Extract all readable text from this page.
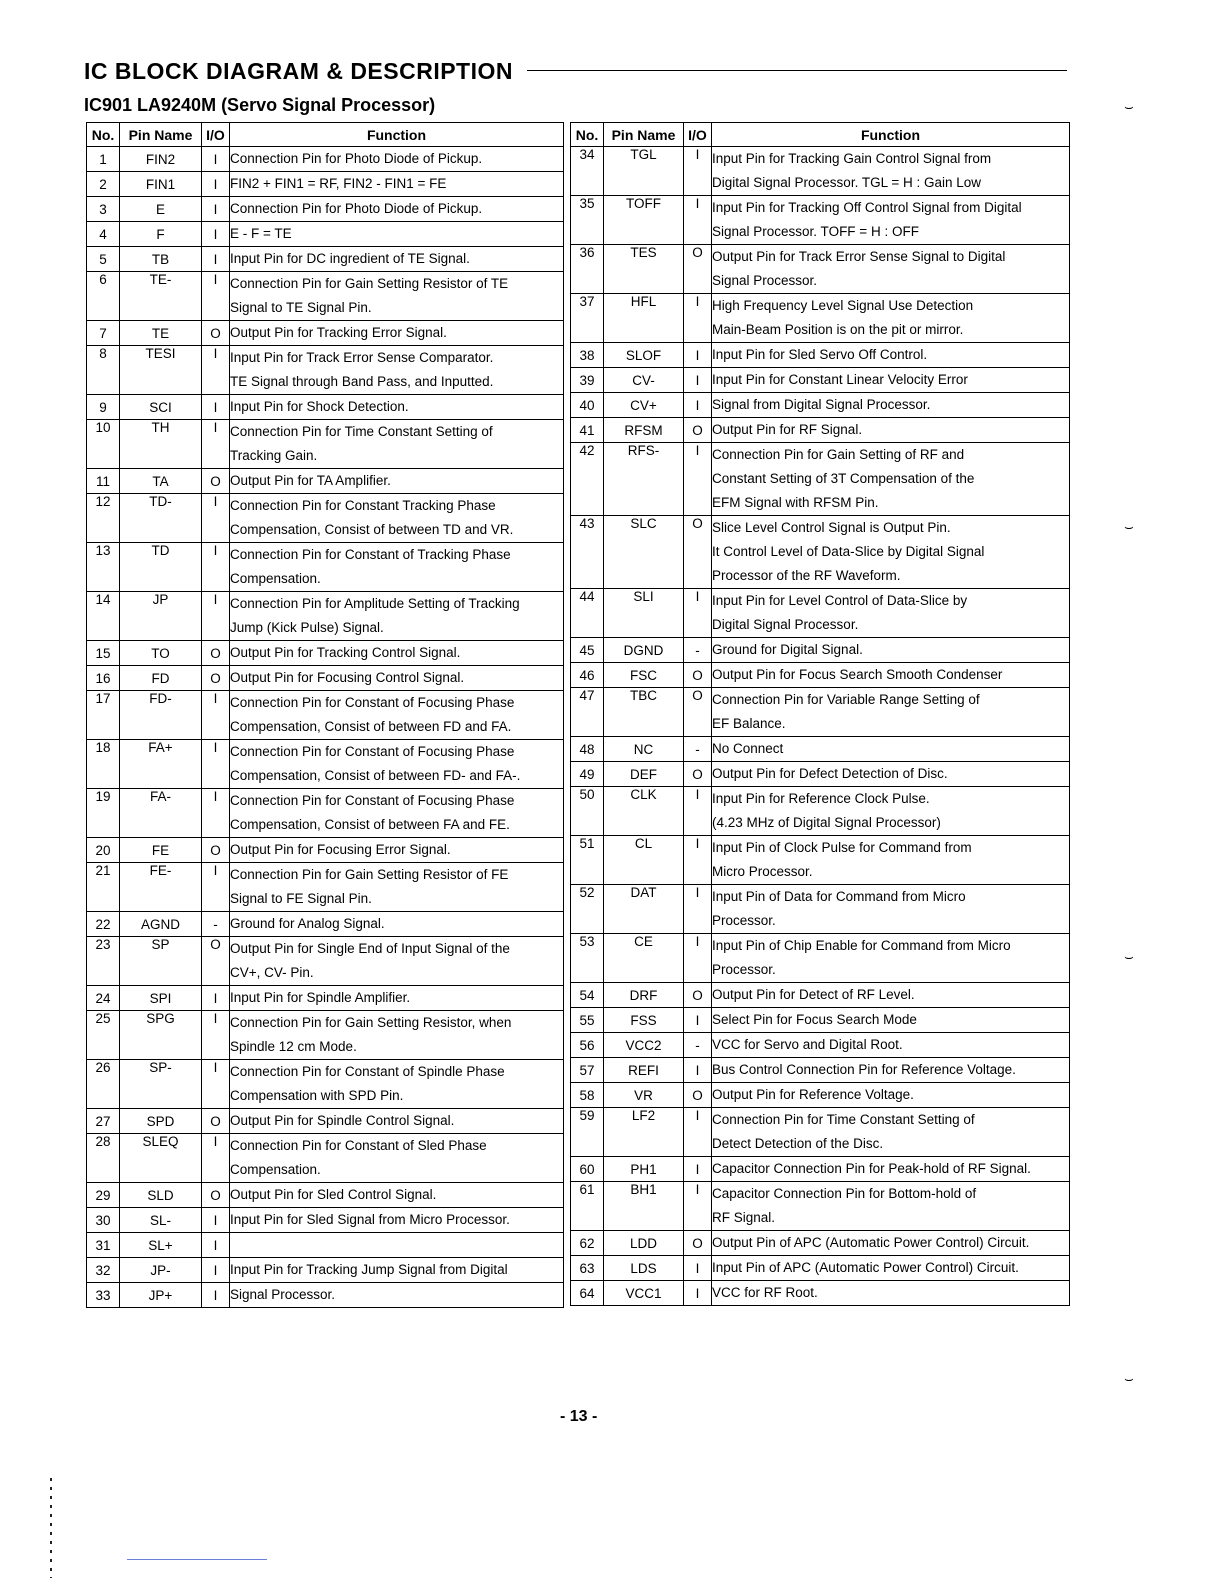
IC BLOCK DIAGRAM & DESCRIPTION
IC901 LA9240M (Servo Signal Processor)
No.	Pin Name	I/O	Function
1	FIN2	I	Connection Pin for Photo Diode of Pickup.

2	FIN1	I	FIN2 + FIN1 = RF, FIN2 - FIN1 = FE

3	E	I	Connection Pin for Photo Diode of Pickup.

4	F	I	E - F = TE

5	TB	I	Input Pin for DC ingredient of TE Signal.

6	TE-	I	Connection Pin for Gain Setting Resistor of TE
Signal to TE Signal Pin.

7	TE	O	Output Pin for Tracking Error Signal.

8	TESI	I	Input Pin for Track Error Sense Comparator.
TE Signal through Band Pass, and Inputted.

9	SCI	I	Input Pin for Shock Detection.

10	TH	I	Connection Pin for Time Constant Setting of
Tracking Gain.

11	TA	O	Output Pin for TA Amplifier.

12	TD-	I	Connection Pin for Constant Tracking Phase
Compensation, Consist of between TD and VR.

13	TD	I	Connection Pin for Constant of Tracking Phase
Compensation.

14	JP	I	Connection Pin for Amplitude Setting of Tracking
Jump (Kick Pulse) Signal.

15	TO	O	Output Pin for Tracking Control Signal.

16	FD	O	Output Pin for Focusing Control Signal.

17	FD-	I	Connection Pin for Constant of Focusing Phase
Compensation, Consist of between FD and FA.

18	FA+	I	Connection Pin for Constant of Focusing Phase
Compensation, Consist of between FD- and FA-.

19	FA-	I	Connection Pin for Constant of Focusing Phase
Compensation, Consist of between FA and FE.

20	FE	O	Output Pin for Focusing Error Signal.

21	FE-	I	Connection Pin for Gain Setting Resistor of FE
Signal to FE Signal Pin.

22	AGND	-	Ground for Analog Signal.

23	SP	O	Output Pin for Single End of Input Signal of the
CV+, CV- Pin.

24	SPI	I	Input Pin for Spindle Amplifier.

25	SPG	I	Connection Pin for Gain Setting Resistor, when
Spindle 12 cm Mode.

26	SP-	I	Connection Pin for Constant of Spindle Phase
Compensation with SPD Pin.

27	SPD	O	Output Pin for Spindle Control Signal.

28	SLEQ	I	Connection Pin for Constant of Sled Phase
Compensation.

29	SLD	O	Output Pin for Sled Control Signal.

30	SL-	I	Input Pin for Sled Signal from Micro Processor.

31	SL+	I	

32	JP-	I	Input Pin for Tracking Jump Signal from Digital

33	JP+	I	Signal Processor.
No.	Pin Name	I/O	Function
34	TGL	I	Input Pin for Tracking Gain Control Signal from
Digital Signal Processor. TGL = H : Gain Low

35	TOFF	I	Input Pin for Tracking Off Control Signal from Digital
Signal Processor. TOFF = H : OFF

36	TES	O	Output Pin for Track Error Sense Signal to Digital
Signal Processor.

37	HFL	I	High Frequency Level Signal Use Detection
Main-Beam Position is on the pit or mirror.

38	SLOF	I	Input Pin for Sled Servo Off Control.

39	CV-	I	Input Pin for Constant Linear Velocity Error

40	CV+	I	Signal from Digital Signal Processor.

41	RFSM	O	Output Pin for RF Signal.

42	RFS-	I	Connection Pin for Gain Setting of RF and
Constant Setting of 3T Compensation of the
EFM Signal with RFSM Pin.

43	SLC	O	Slice Level Control Signal is Output Pin.
It Control Level of Data-Slice by Digital Signal
Processor of the RF Waveform.

44	SLI	I	Input Pin for Level Control of Data-Slice by
Digital Signal Processor.

45	DGND	-	Ground for Digital Signal.

46	FSC	O	Output Pin for Focus Search Smooth Condenser

47	TBC	O	Connection Pin for Variable Range Setting of
EF Balance.

48	NC	-	No Connect

49	DEF	O	Output Pin for Defect Detection of Disc.

50	CLK	I	Input Pin for Reference Clock Pulse.
(4.23 MHz of Digital Signal Processor)

51	CL	I	Input Pin of Clock Pulse for Command from
Micro Processor.

52	DAT	I	Input Pin of Data for Command from Micro
Processor.

53	CE	I	Input Pin of Chip Enable for Command from Micro
Processor.

54	DRF	O	Output Pin for Detect of RF Level.

55	FSS	I	Select Pin for Focus Search Mode

56	VCC2	-	VCC for Servo and Digital Root.

57	REFI	I	Bus Control Connection Pin for Reference Voltage.

58	VR	O	Output Pin for Reference Voltage.

59	LF2	I	Connection Pin for Time Constant Setting of
Detect Detection of the Disc.

60	PH1	I	Capacitor Connection Pin for Peak-hold of RF Signal.

61	BH1	I	Capacitor Connection Pin for Bottom-hold of
RF Signal.

62	LDD	O	Output Pin of APC (Automatic Power Control) Circuit.

63	LDS	I	Input Pin of APC (Automatic Power Control) Circuit.

64	VCC1	I	VCC for RF Root.
- 13 -
⌣
⌣
⌣
⌣
